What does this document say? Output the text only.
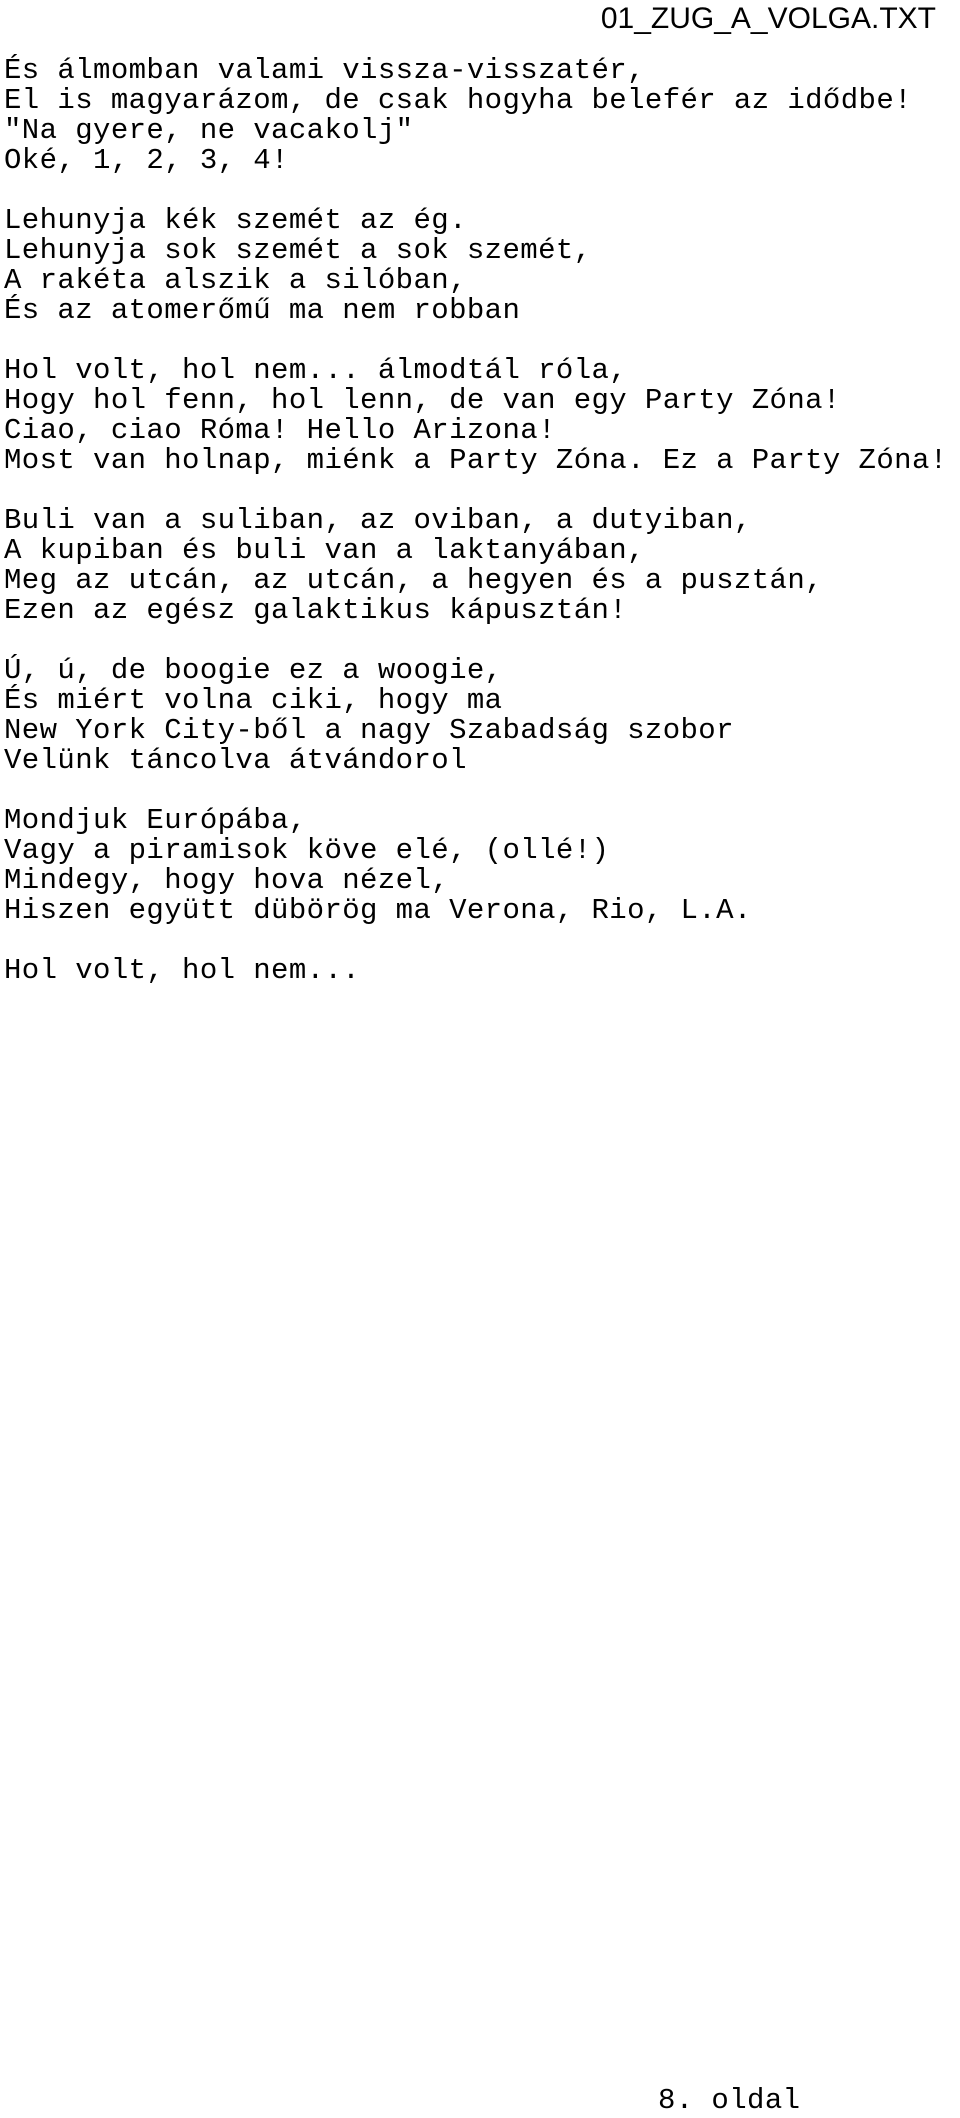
01_ZUG_A_VOLGA.TXT
És álmomban valami vissza-visszatér,
El is magyarázom, de csak hogyha belefér az idődbe!
"Na gyere, ne vacakolj"
Oké, 1, 2, 3, 4!
Lehunyja kék szemét az ég.
Lehunyja sok szemét a sok szemét,
A rakéta alszik a silóban,
És az atomerőmű ma nem robban
Hol volt, hol nem... álmodtál róla,
Hogy hol fenn, hol lenn, de van egy Party Zóna!
Ciao, ciao Róma! Hello Arizona!
Most van holnap, miénk a Party Zóna. Ez a Party Zóna!
Buli van a suliban, az oviban, a dutyiban,
A kupiban és buli van a laktanyában,
Meg az utcán, az utcán, a hegyen és a pusztán,
Ezen az egész galaktikus kápusztán!
Ú, ú, de boogie ez a woogie,
És miért volna ciki, hogy ma
New York City-ből a nagy Szabadság szobor
Velünk táncolva átvándorol
Mondjuk Európába,
Vagy a piramisok köve elé, (ollé!)
Mindegy, hogy hova nézel,
Hiszen együtt dübörög ma Verona, Rio, L.A.
Hol volt, hol nem...
8. oldal
